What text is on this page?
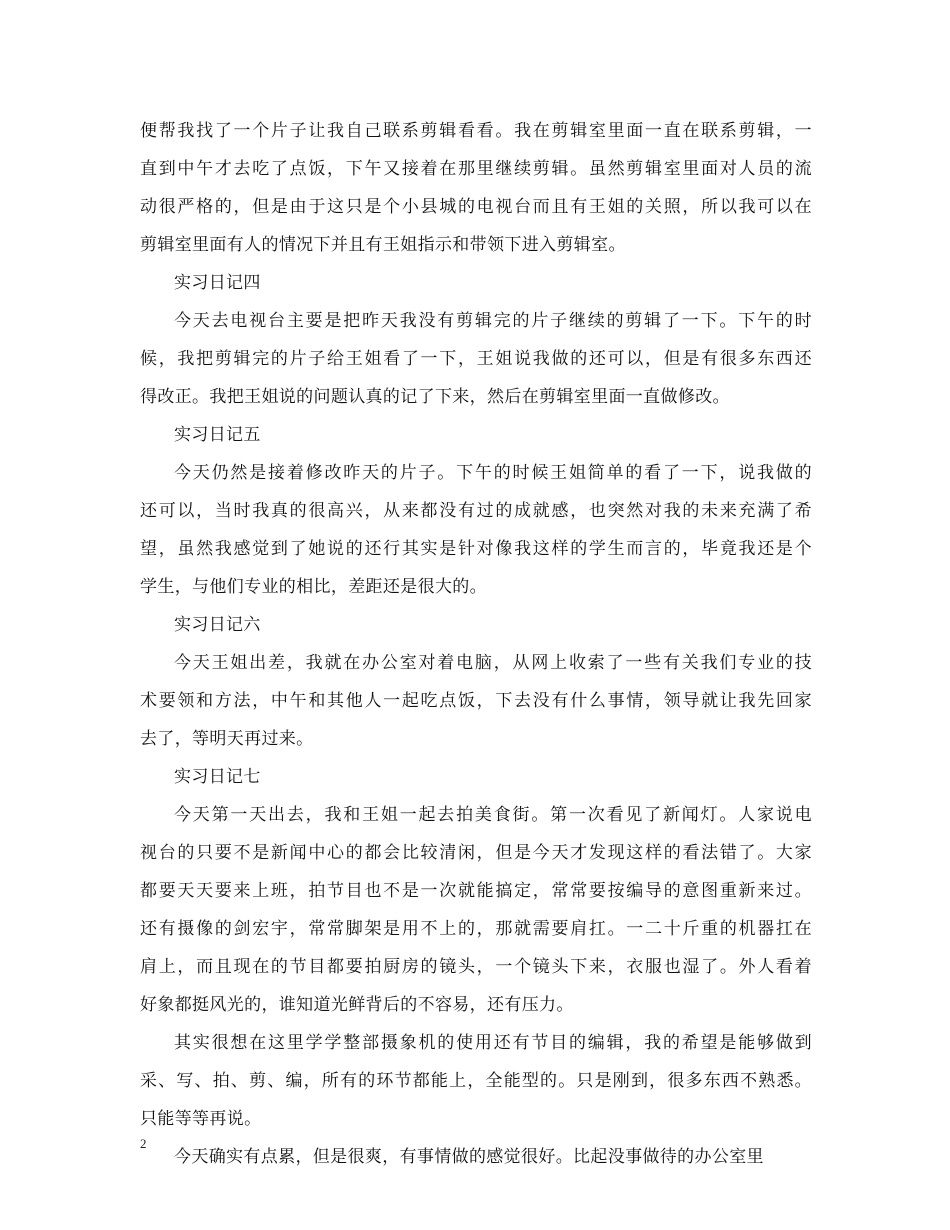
便帮我找了一个片子让我自己联系剪辑看看。我在剪辑室里面一直在联系剪辑，一
直到中午才去吃了点饭，下午又接着在那里继续剪辑。虽然剪辑室里面对人员的流
动很严格的，但是由于这只是个小县城的电视台而且有王姐的关照，所以我可以在
剪辑室里面有人的情况下并且有王姐指示和带领下进入剪辑室。
实习日记四
今天去电视台主要是把昨天我没有剪辑完的片子继续的剪辑了一下。下午的时
候，我把剪辑完的片子给王姐看了一下，王姐说我做的还可以，但是有很多东西还
得改正。我把王姐说的问题认真的记了下来，然后在剪辑室里面一直做修改。
实习日记五
今天仍然是接着修改昨天的片子。下午的时候王姐简单的看了一下，说我做的
还可以，当时我真的很高兴，从来都没有过的成就感，也突然对我的未来充满了希
望，虽然我感觉到了她说的还行其实是针对像我这样的学生而言的，毕竟我还是个
学生，与他们专业的相比，差距还是很大的。
实习日记六
今天王姐出差，我就在办公室对着电脑，从网上收索了一些有关我们专业的技
术要领和方法，中午和其他人一起吃点饭，下去没有什么事情，领导就让我先回家
去了，等明天再过来。
实习日记七
今天第一天出去，我和王姐一起去拍美食街。第一次看见了新闻灯。人家说电
视台的只要不是新闻中心的都会比较清闲，但是今天才发现这样的看法错了。大家
都要天天要来上班，拍节目也不是一次就能搞定，常常要按编导的意图重新来过。
还有摄像的剑宏宇，常常脚架是用不上的，那就需要肩扛。一二十斤重的机器扛在
肩上，而且现在的节目都要拍厨房的镜头，一个镜头下来，衣服也湿了。外人看着
好象都挺风光的，谁知道光鲜背后的不容易，还有压力。
其实很想在这里学学整部摄象机的使用还有节目的编辑，我的希望是能够做到
采、写、拍、剪、编，所有的环节都能上，全能型的。只是刚到，很多东西不熟悉。
只能等等再说。
今天确实有点累，但是很爽，有事情做的感觉很好。比起没事做待的办公室里
2
